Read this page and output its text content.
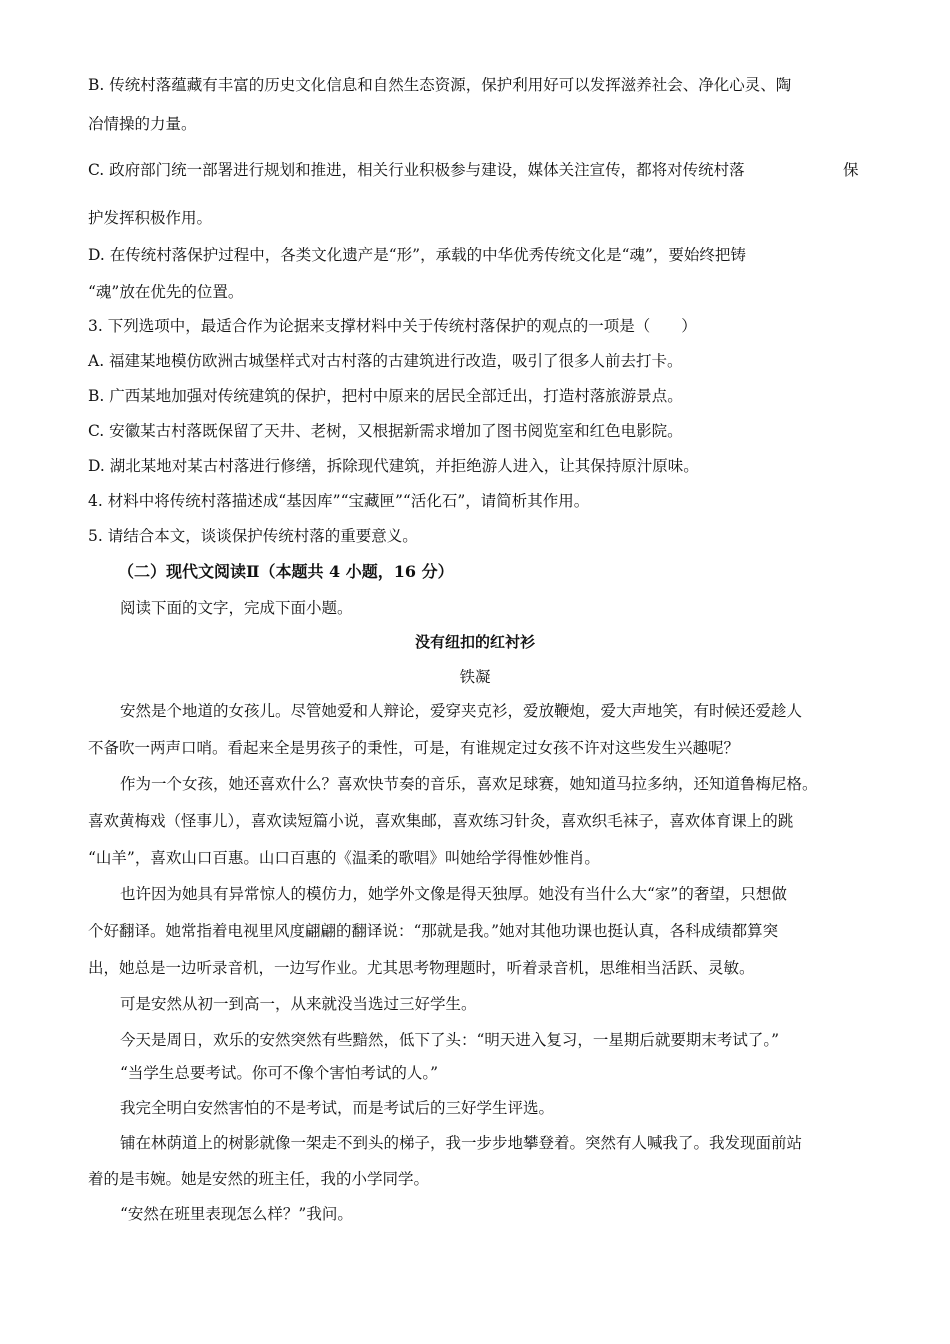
B. 传统村落蕴藏有丰富的历史文化信息和自然生态资源，保护利用好可以发挥滋养社会、净化心灵、陶
冶情操的力量。
C. 政府部门统一部署进行规划和推进，相关行业积极参与建设，媒体关注宣传，都将对传统村落	保
护发挥积极作用。
D. 在传统村落保护过程中，各类文化遗产是“形”，承载的中华优秀传统文化是“魂”，要始终把铸
“魂”放在优先的位置。
3. 下列选项中，最适合作为论据来支撑材料中关于传统村落保护的观点的一项是（　　）
A. 福建某地模仿欧洲古城堡样式对古村落的古建筑进行改造，吸引了很多人前去打卡。
B. 广西某地加强对传统建筑的保护，把村中原来的居民全部迁出，打造村落旅游景点。
C. 安徽某古村落既保留了天井、老树，又根据新需求增加了图书阅览室和红色电影院。
D. 湖北某地对某古村落进行修缮，拆除现代建筑，并拒绝游人进入，让其保持原汁原味。
4. 材料中将传统村落描述成“基因库”“宝藏匣”“活化石”，请简析其作用。
5. 请结合本文，谈谈保护传统村落的重要意义。
（二）现代文阅读Ⅱ（本题共 4 小题，16 分）
阅读下面的文字，完成下面小题。
没有纽扣的红衬衫
铁凝
安然是个地道的女孩儿。尽管她爱和人辩论，爱穿夹克衫，爱放鞭炮，爱大声地笑，有时候还爱趁人
不备吹一两声口哨。看起来全是男孩子的秉性，可是，有谁规定过女孩不许对这些发生兴趣呢？
作为一个女孩，她还喜欢什么？喜欢快节奏的音乐，喜欢足球赛，她知道马拉多纳，还知道鲁梅尼格。
喜欢黄梅戏（怪事儿），喜欢读短篇小说，喜欢集邮，喜欢练习针灸，喜欢织毛袜子，喜欢体育课上的跳
“山羊”，喜欢山口百惠。山口百惠的《温柔的歌唱》叫她给学得惟妙惟肖。
也许因为她具有异常惊人的模仿力，她学外文像是得天独厚。她没有当什么大“家”的奢望，只想做
个好翻译。她常指着电视里风度翩翩的翻译说：“那就是我。”她对其他功课也挺认真，各科成绩都算突
出，她总是一边听录音机，一边写作业。尤其思考物理题时，听着录音机，思维相当活跃、灵敏。
可是安然从初一到高一，从来就没当选过三好学生。
今天是周日，欢乐的安然突然有些黯然，低下了头：“明天进入复习，一星期后就要期末考试了。”
“当学生总要考试。你可不像个害怕考试的人。”
我完全明白安然害怕的不是考试，而是考试后的三好学生评选。
铺在林荫道上的树影就像一架走不到头的梯子，我一步步地攀登着。突然有人喊我了。我发现面前站
着的是韦婉。她是安然的班主任，我的小学同学。
“安然在班里表现怎么样？”我问。
